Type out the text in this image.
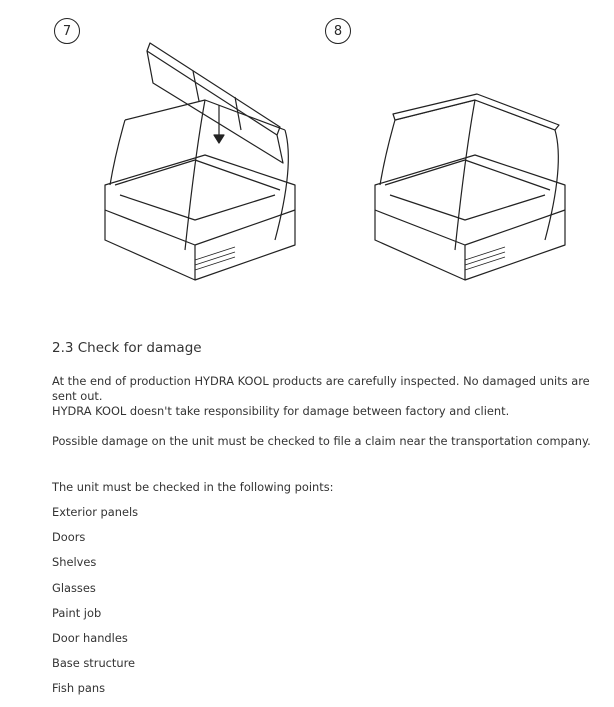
7	8
2.3 Check for damage

At the end of production HYDRA KOOL products are carefully inspected. No damaged units are sent out.
HYDRA KOOL doesn't take responsibility for damage between factory and client.

Possible damage on the unit must be checked to file a claim near the transportation company.

The unit must be checked in the following points:

Exterior panels
Doors
Shelves
Glasses
Paint job
Door handles
Base structure
Fish pans
